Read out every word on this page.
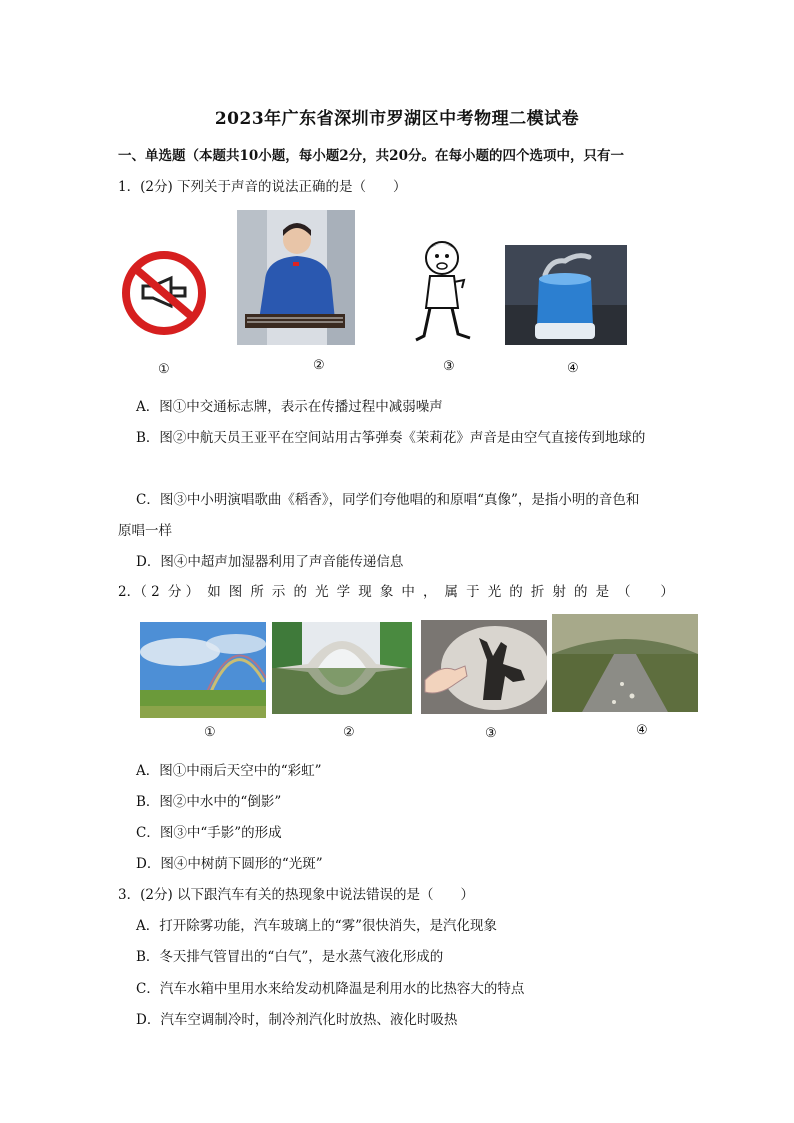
2023年广东省深圳市罗湖区中考物理二模试卷
一、单选题（本题共10小题，每小题2分，共20分。在每小题的四个选项中，只有一
1．(2分) 下列关于声音的说法正确的是（　　）
①	②	③	④
A．图①中交通标志牌，表示在传播过程中减弱噪声
B．图②中航天员王亚平在空间站用古筝弹奏《茉莉花》声音是由空气直接传到地球的
C．图③中小明演唱歌曲《稻香》，同学们夸他唱的和原唱“真像”，是指小明的音色和
原唱一样
D．图④中超声加湿器利用了声音能传递信息
2．（ 2 分 ） 如 图 所 示 的 光 学 现 象 中 ， 属 于 光 的 折 射 的 是 （
　 ）
①	②	③	④
A．图①中雨后天空中的“彩虹”
B．图②中水中的“倒影”
C．图③中“手影”的形成
D．图④中树荫下圆形的“光斑”
3．(2分) 以下跟汽车有关的热现象中说法错误的是（　　）
A．打开除雾功能，汽车玻璃上的“雾”很快消失，是汽化现象
B．冬天排气管冒出的“白气”，是水蒸气液化形成的
C．汽车水箱中里用水来给发动机降温是利用水的比热容大的特点
D．汽车空调制冷时，制冷剂汽化时放热、液化时吸热
